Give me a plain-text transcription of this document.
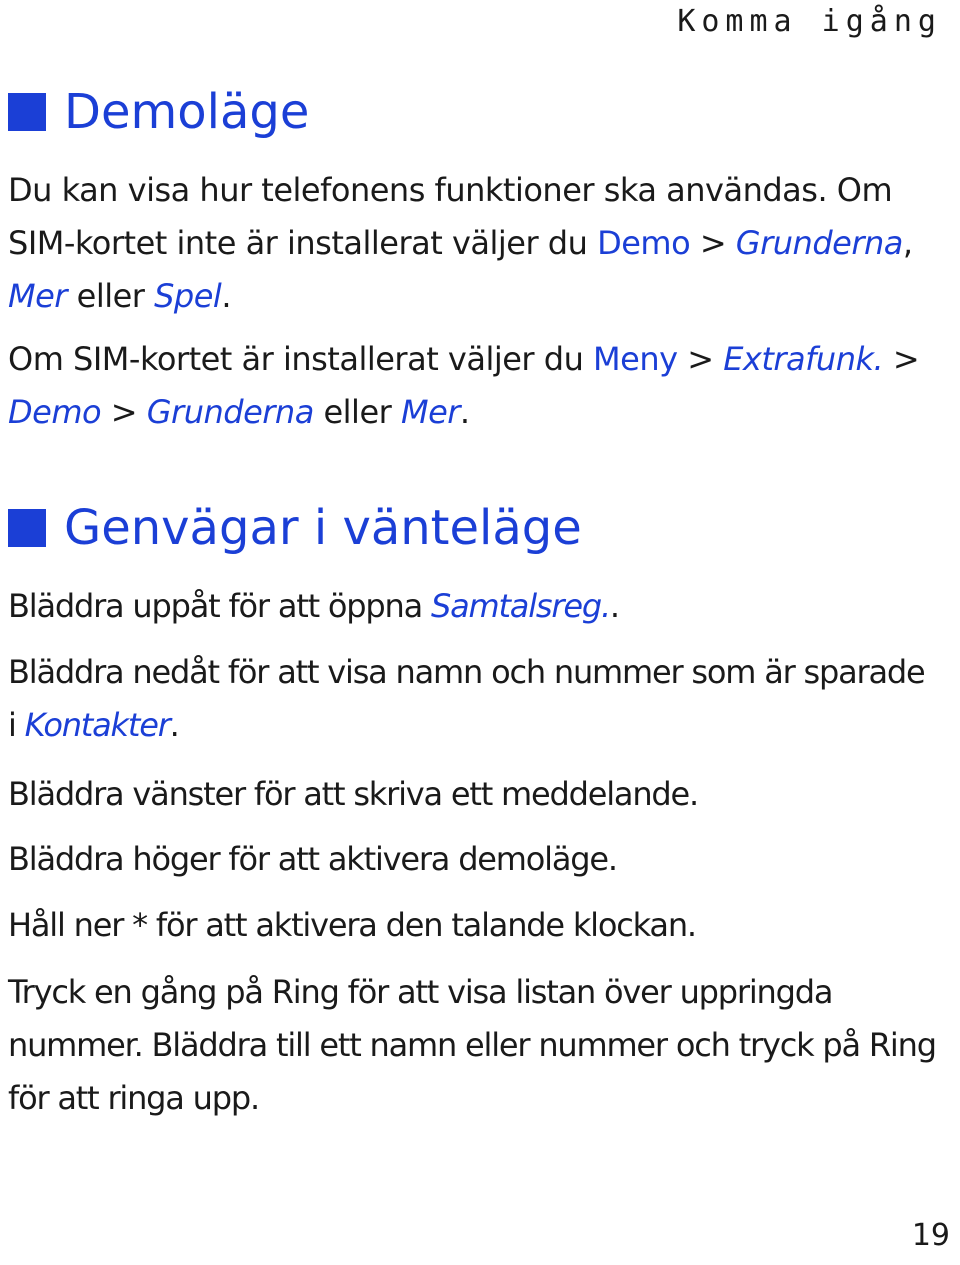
Komma igång
Demoläge

Du kan visa hur telefonens funktioner ska användas. Om SIM-kortet inte är installerat väljer du Demo > Grunderna, Mer eller Spel.

Om SIM-kortet är installerat väljer du Meny > Extrafunk. > Demo > Grunderna eller Mer.

Genvägar i vänteläge

Bläddra uppåt för att öppna Samtalsreg..

Bläddra nedåt för att visa namn och nummer som är sparade i Kontakter.

Bläddra vänster för att skriva ett meddelande.

Bläddra höger för att aktivera demoläge.

Håll ner * för att aktivera den talande klockan.

Tryck en gång på Ring för att visa listan över uppringda nummer. Bläddra till ett namn eller nummer och tryck på Ring för att ringa upp.

19
